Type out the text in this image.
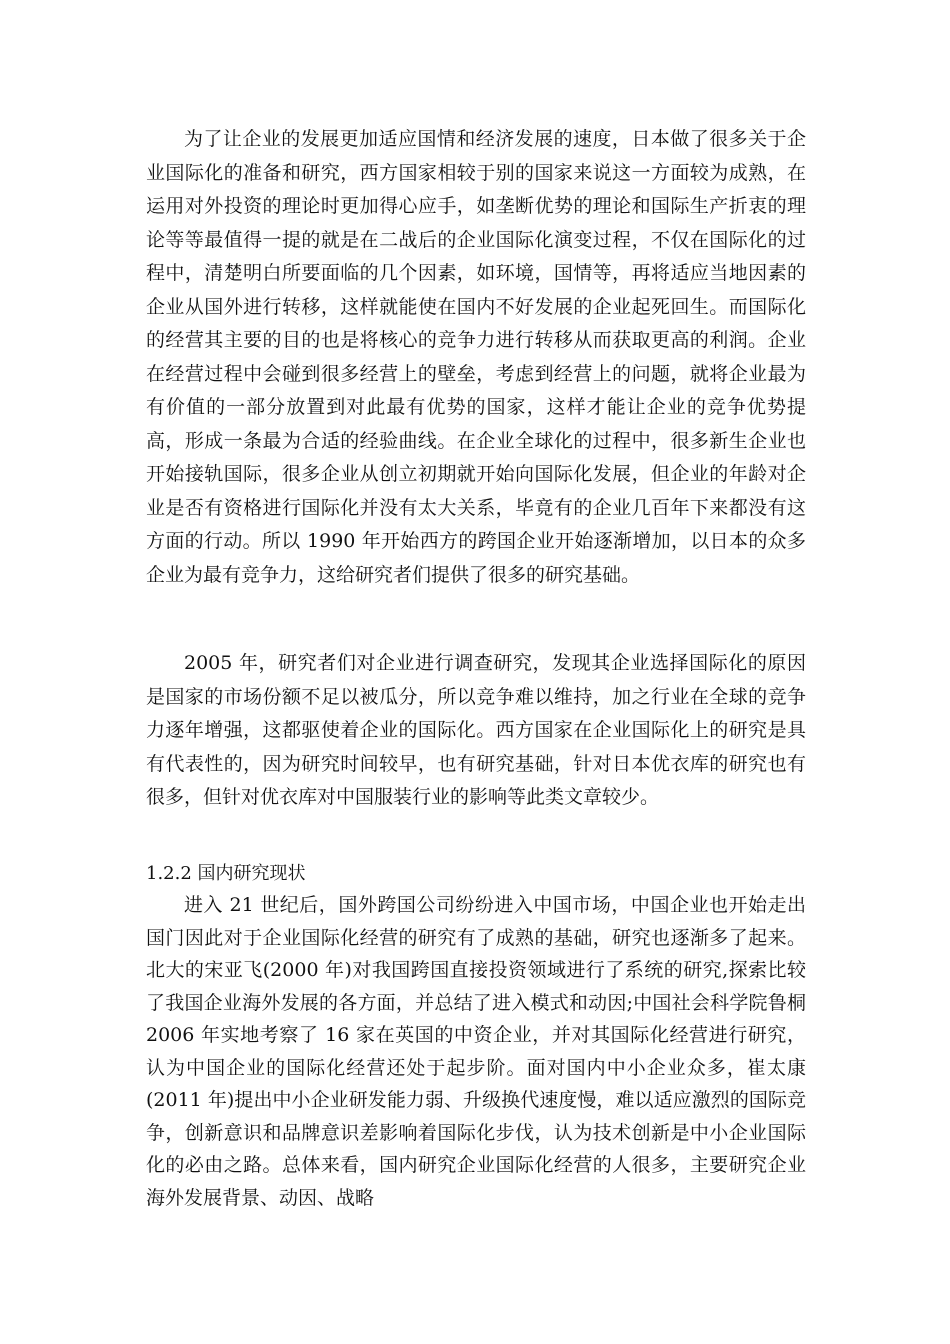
为了让企业的发展更加适应国情和经济发展的速度，日本做了很多关于企业国际化的准备和研究，西方国家相较于别的国家来说这一方面较为成熟，在运用对外投资的理论时更加得心应手，如垄断优势的理论和国际生产折衷的理论等等最值得一提的就是在二战后的企业国际化演变过程，不仅在国际化的过程中，清楚明白所要面临的几个因素，如环境，国情等，再将适应当地因素的企业从国外进行转移，这样就能使在国内不好发展的企业起死回生。而国际化的经营其主要的目的也是将核心的竞争力进行转移从而获取更高的利润。企业在经营过程中会碰到很多经营上的壁垒，考虑到经营上的问题，就将企业最为有价值的一部分放置到对此最有优势的国家，这样才能让企业的竞争优势提高，形成一条最为合适的经验曲线。在企业全球化的过程中，很多新生企业也开始接轨国际，很多企业从创立初期就开始向国际化发展，但企业的年龄对企业是否有资格进行国际化并没有太大关系，毕竟有的企业几百年下来都没有这方面的行动。所以 1990 年开始西方的跨国企业开始逐渐增加，以日本的众多企业为最有竞争力，这给研究者们提供了很多的研究基础。

2005 年，研究者们对企业进行调查研究，发现其企业选择国际化的原因是国家的市场份额不足以被瓜分，所以竞争难以维持，加之行业在全球的竞争力逐年增强，这都驱使着企业的国际化。西方国家在企业国际化上的研究是具有代表性的，因为研究时间较早，也有研究基础，针对日本优衣库的研究也有很多，但针对优衣库对中国服装行业的影响等此类文章较少。

1.2.2 国内研究现状

进入 21 世纪后，国外跨国公司纷纷进入中国市场，中国企业也开始走出国门因此对于企业国际化经营的研究有了成熟的基础，研究也逐渐多了起来。北大的宋亚飞(2000 年)对我国跨国直接投资领域进行了系统的研究,探索比较了我国企业海外发展的各方面，并总结了进入模式和动因;中国社会科学院鲁桐 2006 年实地考察了 16 家在英国的中资企业，并对其国际化经营进行研究，认为中国企业的国际化经营还处于起步阶。面对国内中小企业众多，崔太康(2011 年)提出中小企业研发能力弱、升级换代速度慢，难以适应激烈的国际竞争，创新意识和品牌意识差影响着国际化步伐，认为技术创新是中小企业国际化的必由之路。总体来看，国内研究企业国际化经营的人很多，主要研究企业海外发展背景、动因、战略
